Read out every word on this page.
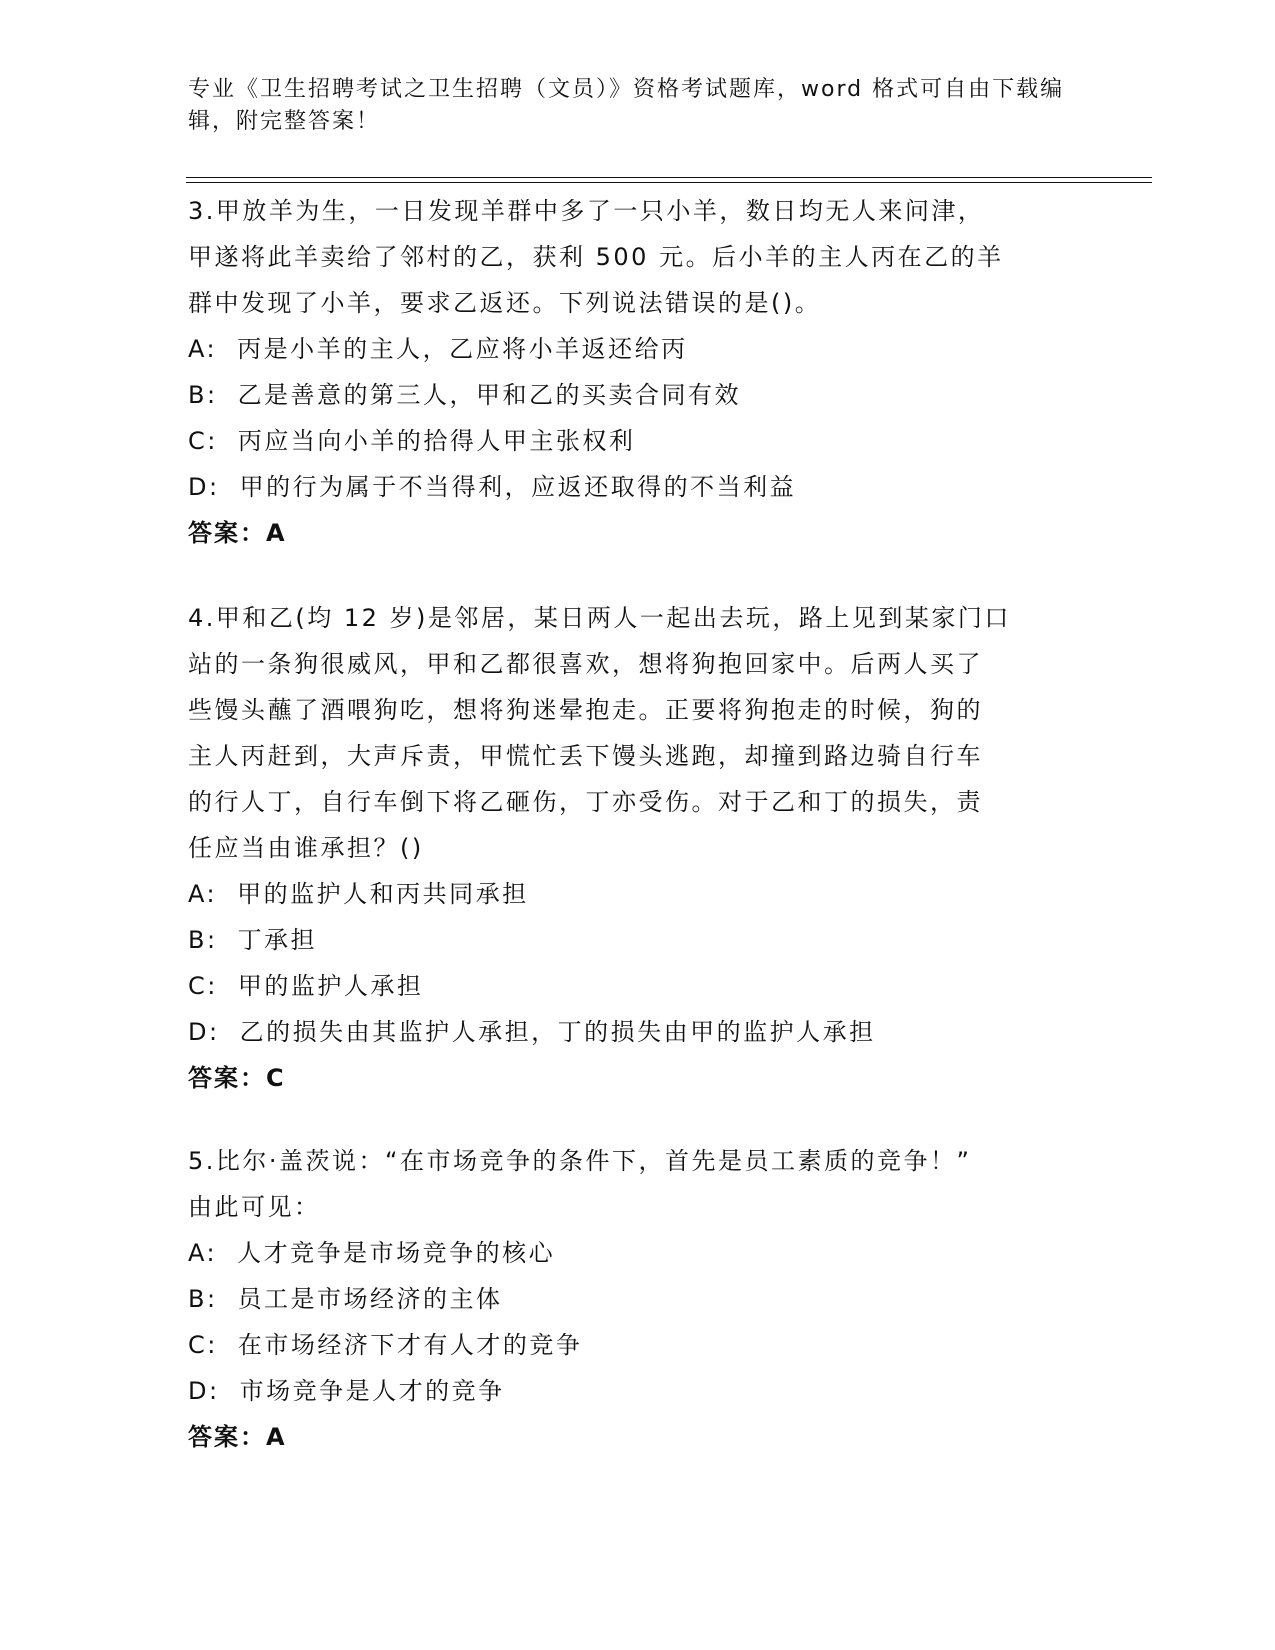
专业《卫生招聘考试之卫生招聘（文员）》资格考试题库，word 格式可自由下载编辑，附完整答案！

3.甲放羊为生，一日发现羊群中多了一只小羊，数日均无人来问津，
甲遂将此羊卖给了邻村的乙，获利 500 元。后小羊的主人丙在乙的羊
群中发现了小羊，要求乙返还。下列说法错误的是()。

A: 丙是小羊的主人，乙应将小羊返还给丙
B: 乙是善意的第三人，甲和乙的买卖合同有效
C: 丙应当向小羊的拾得人甲主张权利
D: 甲的行为属于不当得利，应返还取得的不当利益
答案：A

4.甲和乙(均 12 岁)是邻居，某日两人一起出去玩，路上见到某家门口
站的一条狗很威风，甲和乙都很喜欢，想将狗抱回家中。后两人买了
些馒头蘸了酒喂狗吃，想将狗迷晕抱走。正要将狗抱走的时候，狗的
主人丙赶到，大声斥责，甲慌忙丢下馒头逃跑，却撞到路边骑自行车
的行人丁，自行车倒下将乙砸伤，丁亦受伤。对于乙和丁的损失，责
任应当由谁承担？()

A: 甲的监护人和丙共同承担
B: 丁承担
C: 甲的监护人承担
D: 乙的损失由其监护人承担，丁的损失由甲的监护人承担
答案：C

5.比尔·盖茨说：“在市场竞争的条件下，首先是员工素质的竞争！”
由此可见：

A: 人才竞争是市场竞争的核心
B: 员工是市场经济的主体
C: 在市场经济下才有人才的竞争
D: 市场竞争是人才的竞争
答案：A
